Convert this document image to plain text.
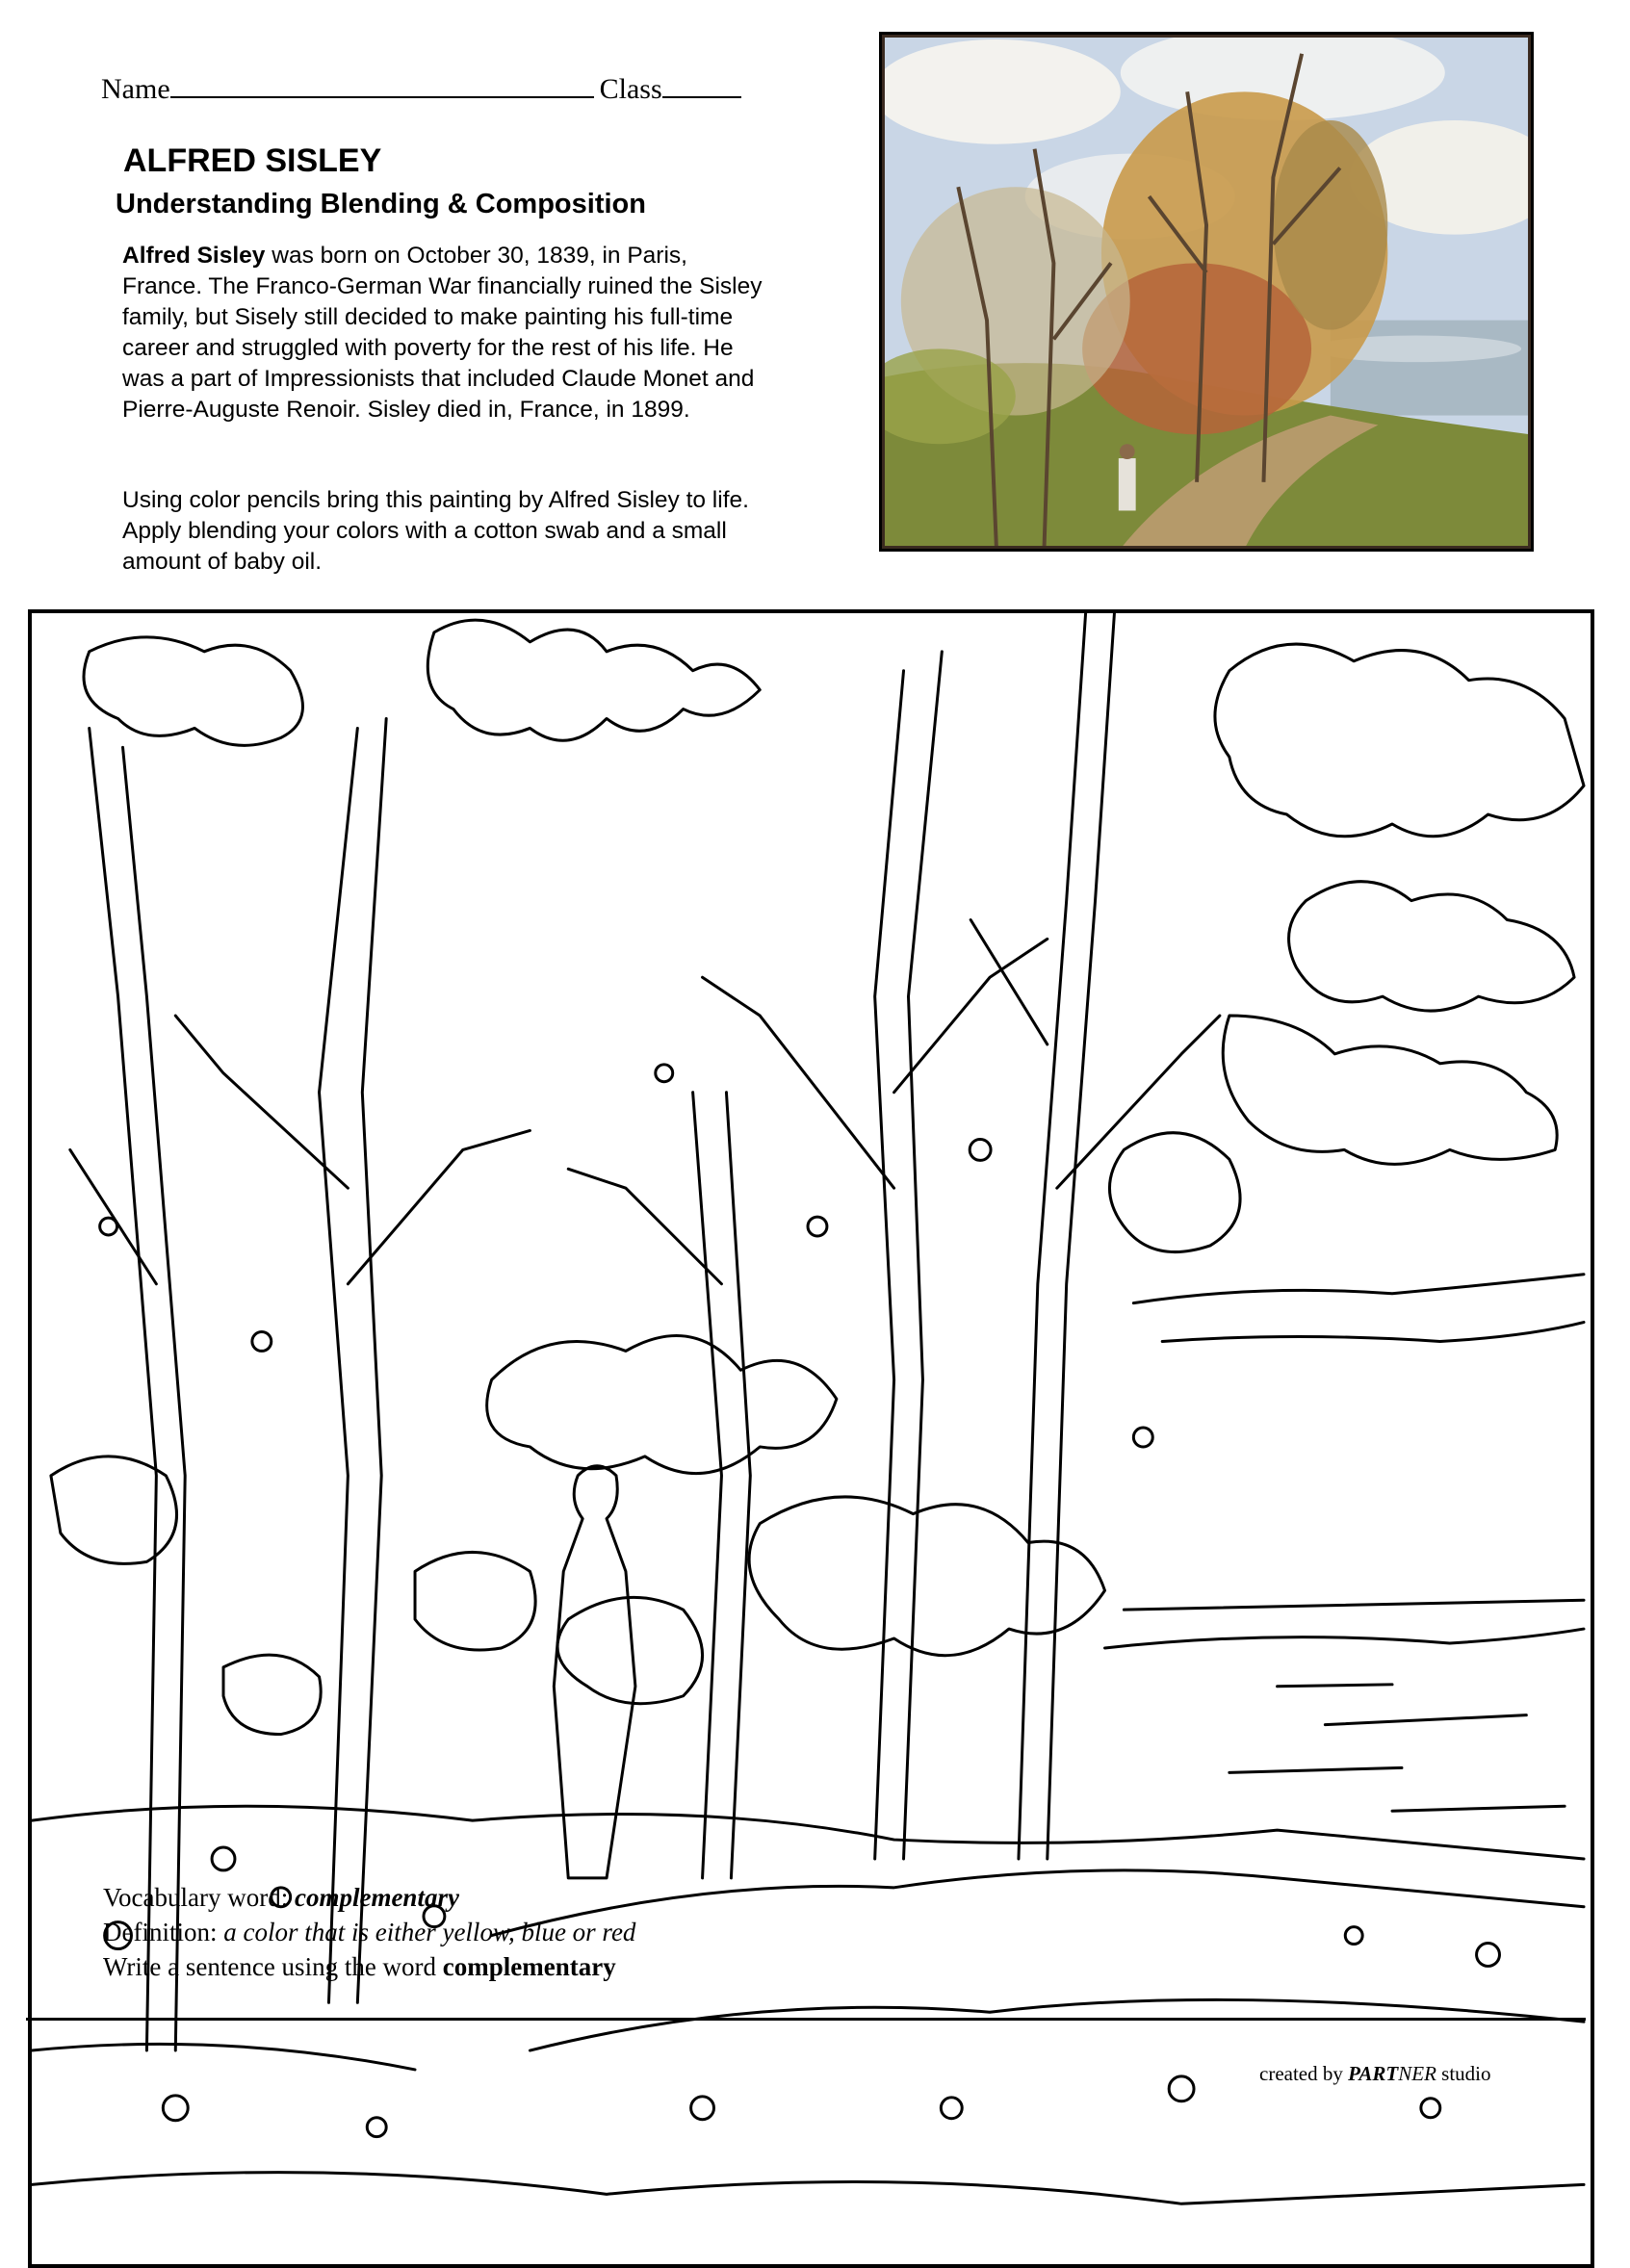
Name	Class
ALFRED SISLEY
Understanding Blending & Composition

Alfred Sisley was born on October 30, 1839, in Paris, France. The Franco-German War financially ruined the Sisley family, but Sisely still decided to make painting his full-time career and struggled with poverty for the rest of his life. He was a part of Impressionists that included Claude Monet and Pierre-Auguste Renoir. Sisley died in, France, in 1899.

Using color pencils bring this painting by Alfred Sisley to life. Apply blending your colors with a cotton swab and a small amount of baby oil.

Vocabulary word: complementary

Definition: a color that is either yellow, blue or red

Write a sentence using the word complementary

created by PARTNER studio
